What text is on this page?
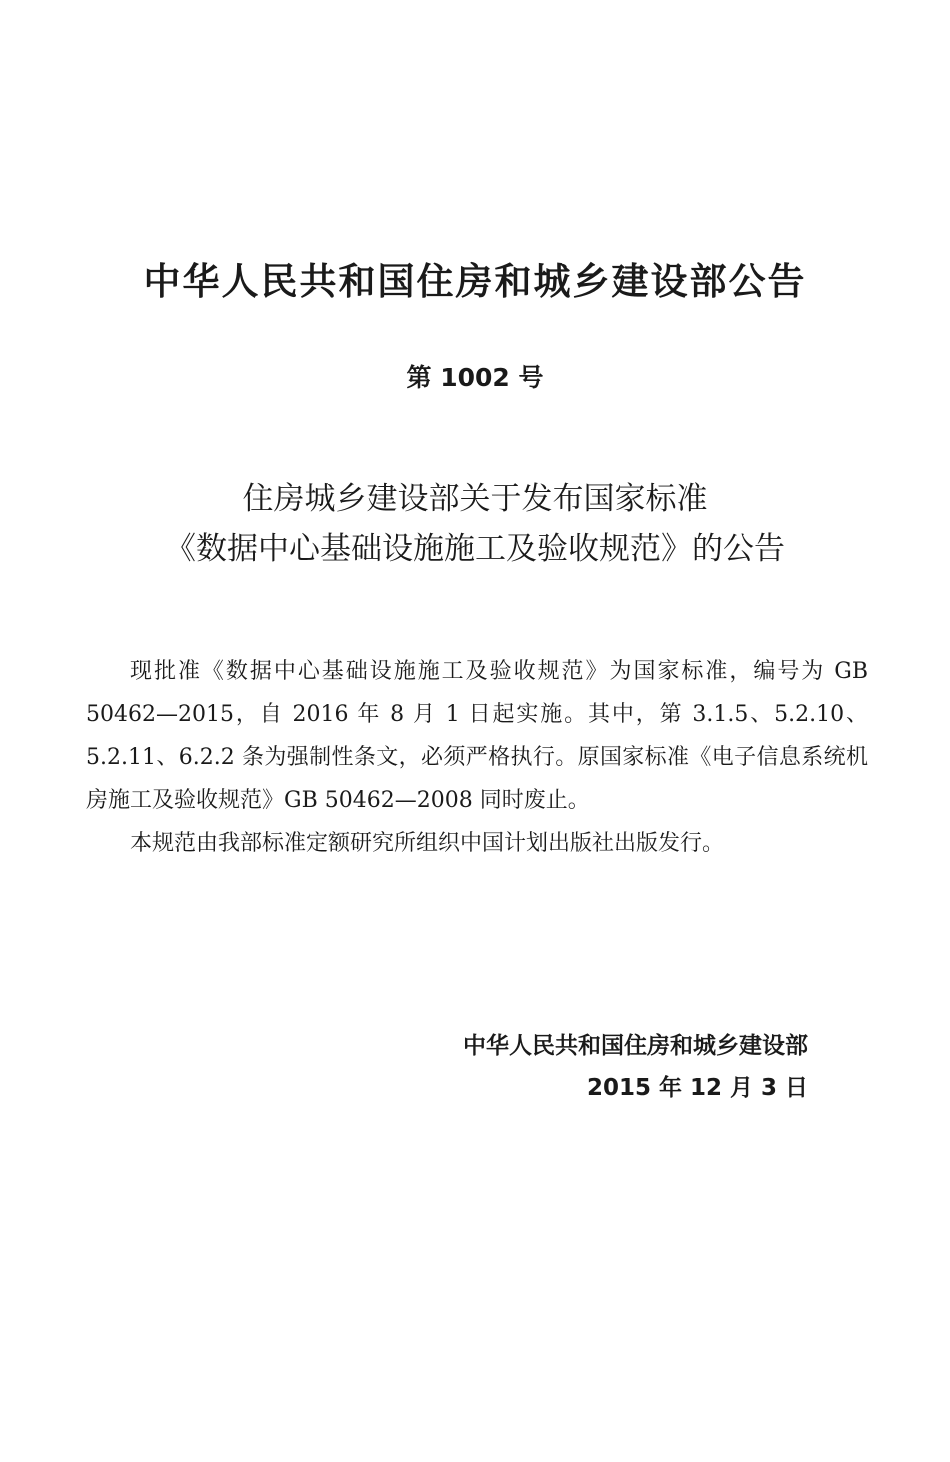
中华人民共和国住房和城乡建设部公告
第 1002 号
住房城乡建设部关于发布国家标准
《数据中心基础设施施工及验收规范》的公告

现批准《数据中心基础设施施工及验收规范》为国家标准，编号为 GB 50462—2015，自 2016 年 8 月 1 日起实施。其中，第 3.1.5、5.2.10、5.2.11、6.2.2 条为强制性条文，必须严格执行。原国家标准《电子信息系统机房施工及验收规范》GB 50462—2008 同时废止。

本规范由我部标准定额研究所组织中国计划出版社出版发行。

中华人民共和国住房和城乡建设部

2015 年 12 月 3 日
